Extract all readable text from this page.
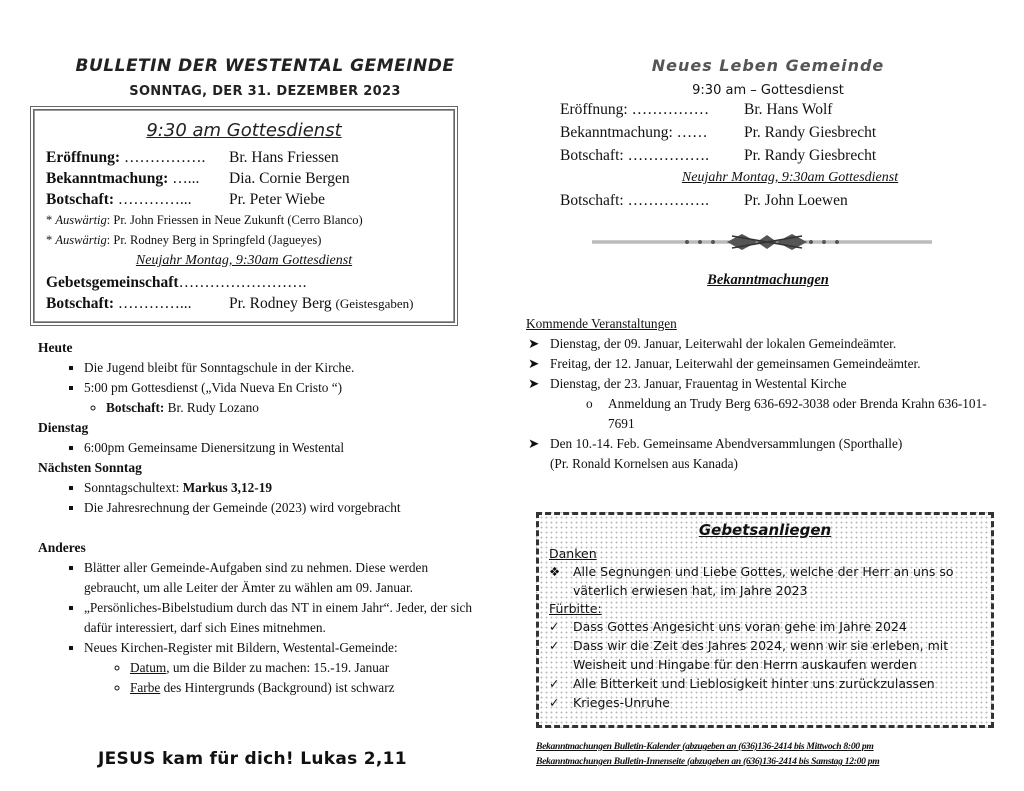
BULLETIN DER WESTENTAL GEMEINDE
SONNTAG, DER 31. DEZEMBER 2023
9:30 am Gottesdienst
Eröffnung: …………….	Br. Hans Friessen
Bekanntmachung: …...	Dia. Cornie Bergen
Botschaft: …………...	Pr. Peter Wiebe
* Auswärtig: Pr. John Friessen in Neue Zukunft (Cerro Blanco)
* Auswärtig: Pr. Rodney Berg in Springfeld (Jagueyes)
Neujahr Montag, 9:30am Gottesdienst
Gebetsgemeinschaft…………………….
Botschaft: …………...	Pr. Rodney Berg (Geistesgaben)
Heute
▪ Die Jugend bleibt für Sonntagschule in der Kirche.
▪ 5:00 pm Gottesdienst („Vida Nueva En Cristo “)
◦ Botschaft: Br. Rudy Lozano
Dienstag
▪ 6:00pm Gemeinsame Dienersitzung in Westental
Nächsten Sonntag
▪ Sonntagschultext: Markus 3,12-19
▪ Die Jahresrechnung der Gemeinde (2023) wird vorgebracht
Anderes
▪ Blätter aller Gemeinde-Aufgaben sind zu nehmen. Diese werden gebraucht, um alle Leiter der Ämter zu wählen am 09. Januar.
▪ „Persönliches-Bibelstudium durch das NT in einem Jahr“. Jeder, der sich dafür interessiert, darf sich Eines mitnehmen.
▪ Neues Kirchen-Register mit Bildern, Westental-Gemeinde:
◦ Datum, um die Bilder zu machen: 15.-19. Januar
◦ Farbe des Hintergrunds (Background) ist schwarz
JESUS kam für dich! Lukas 2,11
Neues Leben Gemeinde
9:30 am – Gottesdienst
Eröffnung: ……………	Br. Hans Wolf
Bekanntmachung: ……	Pr. Randy Giesbrecht
Botschaft: …………….	Pr. Randy Giesbrecht
Neujahr Montag, 9:30am Gottesdienst
Botschaft: …………….	Pr. John Loewen
Bekanntmachungen
Kommende Veranstaltungen
➤ Dienstag, der 09. Januar, Leiterwahl der lokalen Gemeindeämter.
➤ Freitag, der 12. Januar, Leiterwahl der gemeinsamen Gemeindeämter.
➤ Dienstag, der 23. Januar, Frauentag in Westental Kirche
o	Anmeldung an Trudy Berg 636-692-3038 oder Brenda Krahn 636-101-7691
➤ Den 10.-14. Feb. Gemeinsame Abendversammlungen (Sporthalle)
(Pr. Ronald Kornelsen aus Kanada)
Gebetsanliegen
Danken
❖	Alle Segnungen und Liebe Gottes, welche der Herr an uns so väterlich erwiesen hat, im Jahre 2023
Fürbitte:
✓	Dass Gottes Angesicht uns voran gehe im Jahre 2024
✓	Dass wir die Zeit des Jahres 2024, wenn wir sie erleben, mit Weisheit und Hingabe für den Herrn auskaufen werden
✓	Alle Bitterkeit und Lieblosigkeit hinter uns zurückzulassen
✓	Krieges-Unruhe
Bekanntmachungen Bulletin-Kalender (abzugeben an (636)136-2414 bis Mittwoch 8:00 pm
Bekanntmachungen Bulletin-Innenseite (abzugeben an (636)136-2414 bis Samstag 12:00 pm
